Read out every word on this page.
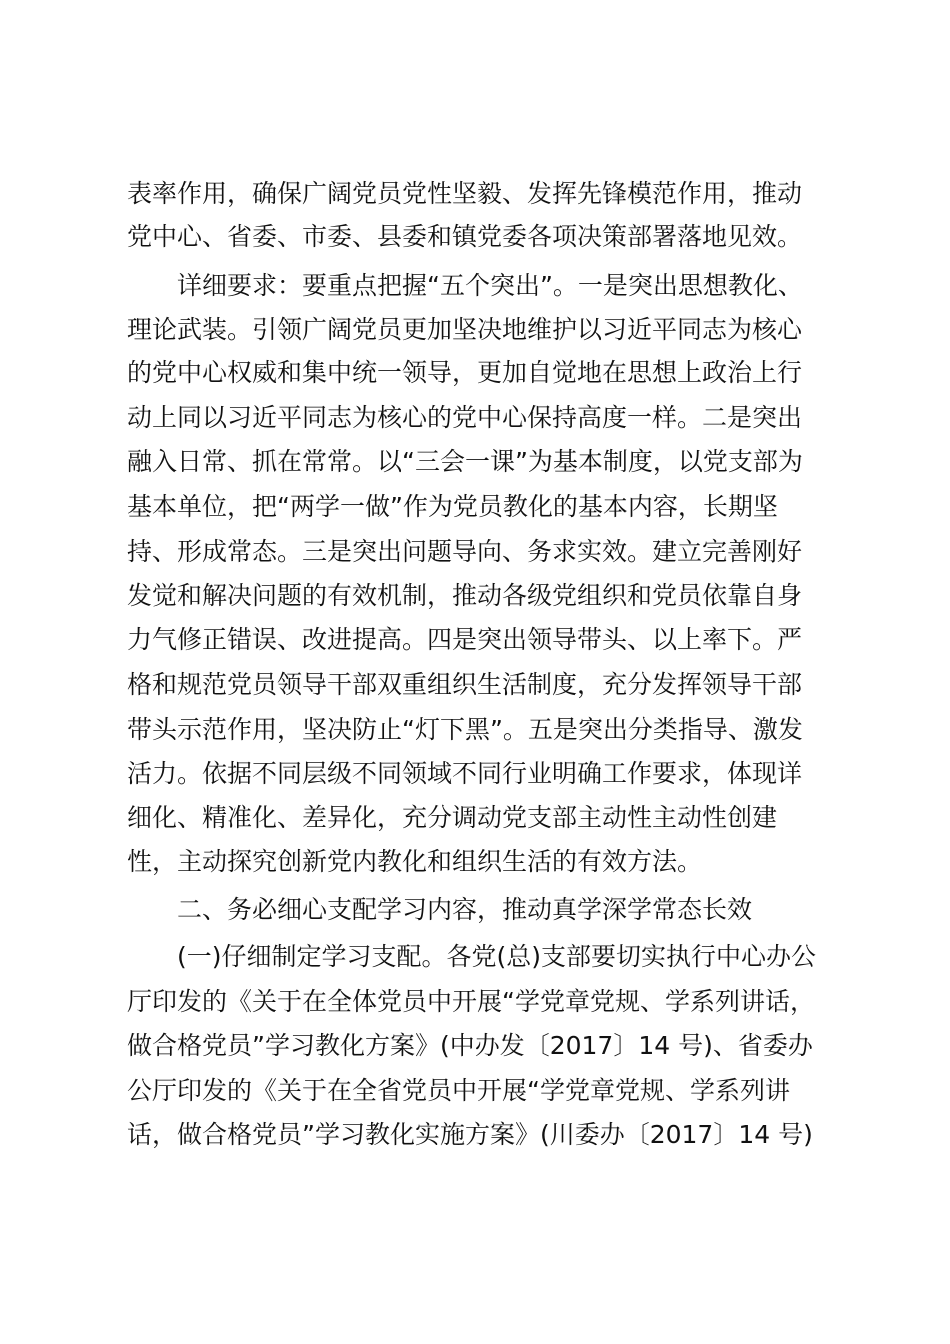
表率作用，确保广阔党员党性坚毅、发挥先锋模范作用，推动
党中心、省委、市委、县委和镇党委各项决策部署落地见效。
详细要求：要重点把握“五个突出”。一是突出思想教化、
理论武装。引领广阔党员更加坚决地维护以习近平同志为核心
的党中心权威和集中统一领导，更加自觉地在思想上政治上行
动上同以习近平同志为核心的党中心保持高度一样。二是突出
融入日常、抓在常常。以“三会一课”为基本制度，以党支部为
基本单位，把“两学一做”作为党员教化的基本内容，长期坚
持、形成常态。三是突出问题导向、务求实效。建立完善刚好
发觉和解决问题的有效机制，推动各级党组织和党员依靠自身
力气修正错误、改进提高。四是突出领导带头、以上率下。严
格和规范党员领导干部双重组织生活制度，充分发挥领导干部
带头示范作用，坚决防止“灯下黑”。五是突出分类指导、激发
活力。依据不同层级不同领域不同行业明确工作要求，体现详
细化、精准化、差异化，充分调动党支部主动性主动性创建
性，主动探究创新党内教化和组织生活的有效方法。
二、务必细心支配学习内容，推动真学深学常态长效
(一)仔细制定学习支配。各党(总)支部要切实执行中心办公
厅印发的《关于在全体党员中开展“学党章党规、学系列讲话，
做合格党员”学习教化方案》(中办发〔2017〕14 号)、省委办
公厅印发的《关于在全省党员中开展“学党章党规、学系列讲
话，做合格党员”学习教化实施方案》(川委办〔2017〕14 号)
